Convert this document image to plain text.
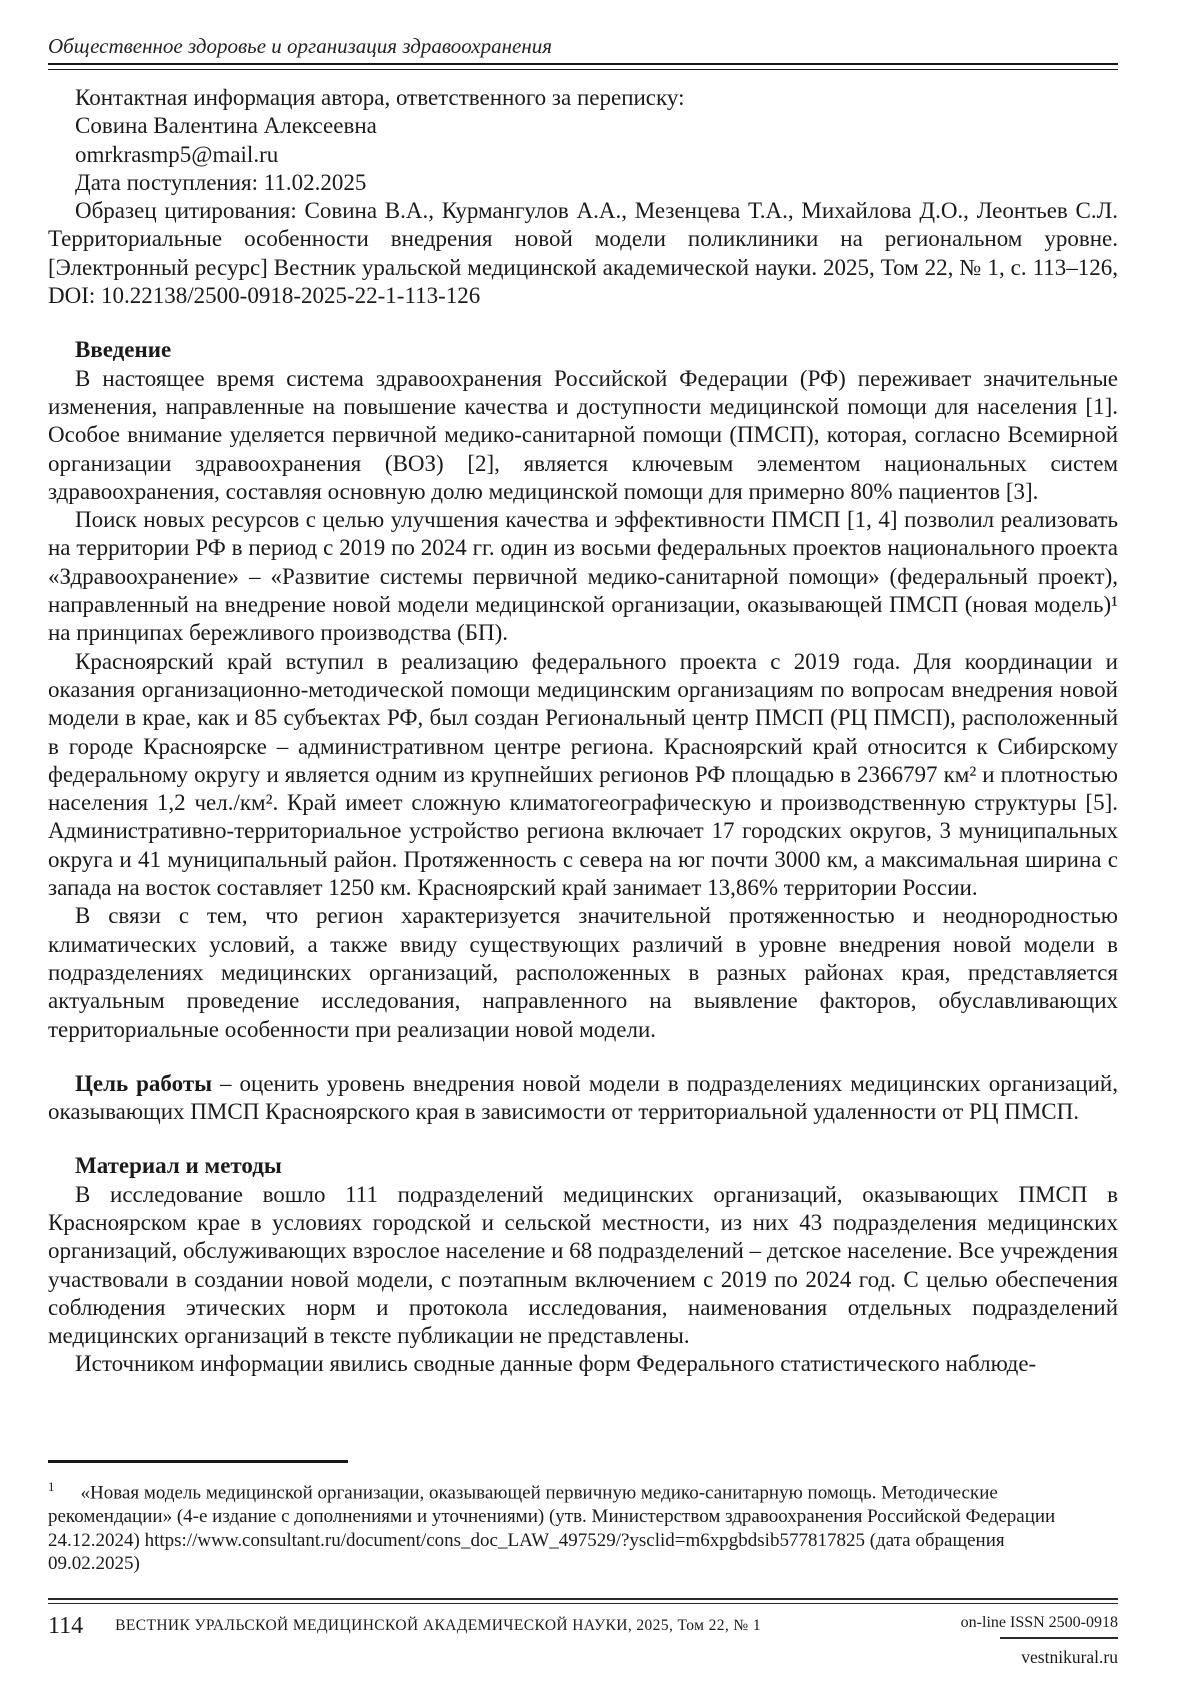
Общественное здоровье и организация здравоохранения
Контактная информация автора, ответственного за переписку:
Совина Валентина Алексеевна
omrkrasmp5@mail.ru
Дата поступления: 11.02.2025

Образец цитирования: Совина В.А., Курмангулов А.А., Мезенцева Т.А., Михайлова Д.О., Леонтьев С.Л. Территориальные особенности внедрения новой модели поликлиники на региональном уровне. [Электронный ресурс] Вестник уральской медицинской академической науки. 2025, Том 22, № 1, с. 113–126, DOI: 10.22138/2500-0918-2025-22-1-113-126

Введение

В настоящее время система здравоохранения Российской Федерации (РФ) переживает значительные изменения, направленные на повышение качества и доступности медицинской помощи для населения [1]. Особое внимание уделяется первичной медико-санитарной помощи (ПМСП), которая, согласно Всемирной организации здравоохранения (ВОЗ) [2], является ключевым элементом национальных систем здравоохранения, составляя основную долю медицинской помощи для примерно 80% пациентов [3].

Поиск новых ресурсов с целью улучшения качества и эффективности ПМСП [1, 4] позволил реализовать на территории РФ в период с 2019 по 2024 гг. один из восьми федеральных проектов национального проекта «Здравоохранение» – «Развитие системы первичной медико-санитарной помощи» (федеральный проект), направленный на внедрение новой модели медицинской организации, оказывающей ПМСП (новая модель)¹ на принципах бережливого производства (БП).

Красноярский край вступил в реализацию федерального проекта с 2019 года. Для координации и оказания организационно-методической помощи медицинским организациям по вопросам внедрения новой модели в крае, как и 85 субъектах РФ, был создан Региональный центр ПМСП (РЦ ПМСП), расположенный в городе Красноярске – административном центре региона. Красноярский край относится к Сибирскому федеральному округу и является одним из крупнейших регионов РФ площадью в 2366797 км² и плотностью населения 1,2 чел./км². Край имеет сложную климатогеографическую и производственную структуры [5]. Административно-территориальное устройство региона включает 17 городских округов, 3 муниципальных округа и 41 муниципальный район. Протяженность с севера на юг почти 3000 км, а максимальная ширина с запада на восток составляет 1250 км. Красноярский край занимает 13,86% территории России.

В связи с тем, что регион характеризуется значительной протяженностью и неоднородностью климатических условий, а также ввиду существующих различий в уровне внедрения новой модели в подразделениях медицинских организаций, расположенных в разных районах края, представляется актуальным проведение исследования, направленного на выявление факторов, обуславливающих территориальные особенности при реализации новой модели.

Цель работы – оценить уровень внедрения новой модели в подразделениях медицинских организаций, оказывающих ПМСП Красноярского края в зависимости от территориальной удаленности от РЦ ПМСП.

Материал и методы

В исследование вошло 111 подразделений медицинских организаций, оказывающих ПМСП в Красноярском крае в условиях городской и сельской местности, из них 43 подразделения медицинских организаций, обслуживающих взрослое население и 68 подразделений – детское население. Все учреждения участвовали в создании новой модели, с поэтапным включением с 2019 по 2024 год. С целью обеспечения соблюдения этических норм и протокола исследования, наименования отдельных подразделений медицинских организаций в тексте публикации не представлены.

Источником информации явились сводные данные форм Федерального статистического наблюде-

$^1$ «Новая модель медицинской организации, оказывающей первичную медико-санитарную помощь. Методические рекомендации» (4-е издание с дополнениями и уточнениями) (утв. Министерством здравоохранения Российской Федерации 24.12.2024) https://www.consultant.ru/document/cons_doc_LAW_497529/?ysclid=m6xpgbdsib577817825 (дата обращения 09.02.2025)

114 ВЕСТНИК УРАЛЬСКОЙ МЕДИЦИНСКОЙ АКАДЕМИЧЕСКОЙ НАУКИ, 2025, Том 22, № 1	on-line ISSN 2500-0918
vestnikural.ru
